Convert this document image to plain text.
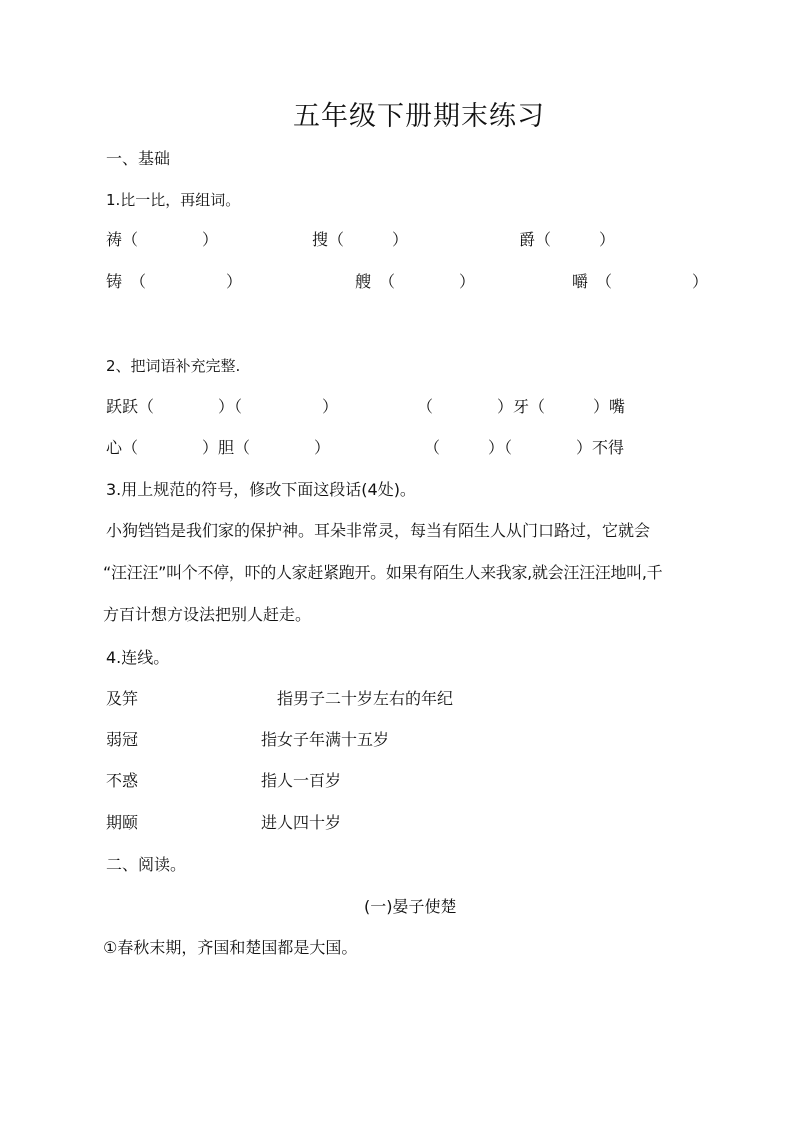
五年级下册期末练习
一、基础
1.比一比，再组词。
祷（　　　　）	搜（　　　）	爵（　　　）
铸　（　　　　　）	艘　（　　　　）	嚼　（　　　　　）
2、把词语补充完整.
跃跃（　　　　）（　　　　　）	（　　　　）牙（　　　）嘴
心（　　　　）胆（　　　　）	（　　　）（　　　　）不得
3.用上规范的符号，修改下面这段话(4处)。
小狗铛铛是我们家的保护神。耳朵非常灵，每当有陌生人从门口路过，它就会
“汪汪汪”叫个不停，吓的人家赶紧跑开。如果有陌生人来我家,就会汪汪汪地叫,千
方百计想方设法把别人赶走。
4.连线。
及笄	指男子二十岁左右的年纪
弱冠	指女子年满十五岁
不惑	指人一百岁
期颐	进人四十岁
二、阅读。
(一)晏子使楚
①春秋末期，齐国和楚国都是大国。
